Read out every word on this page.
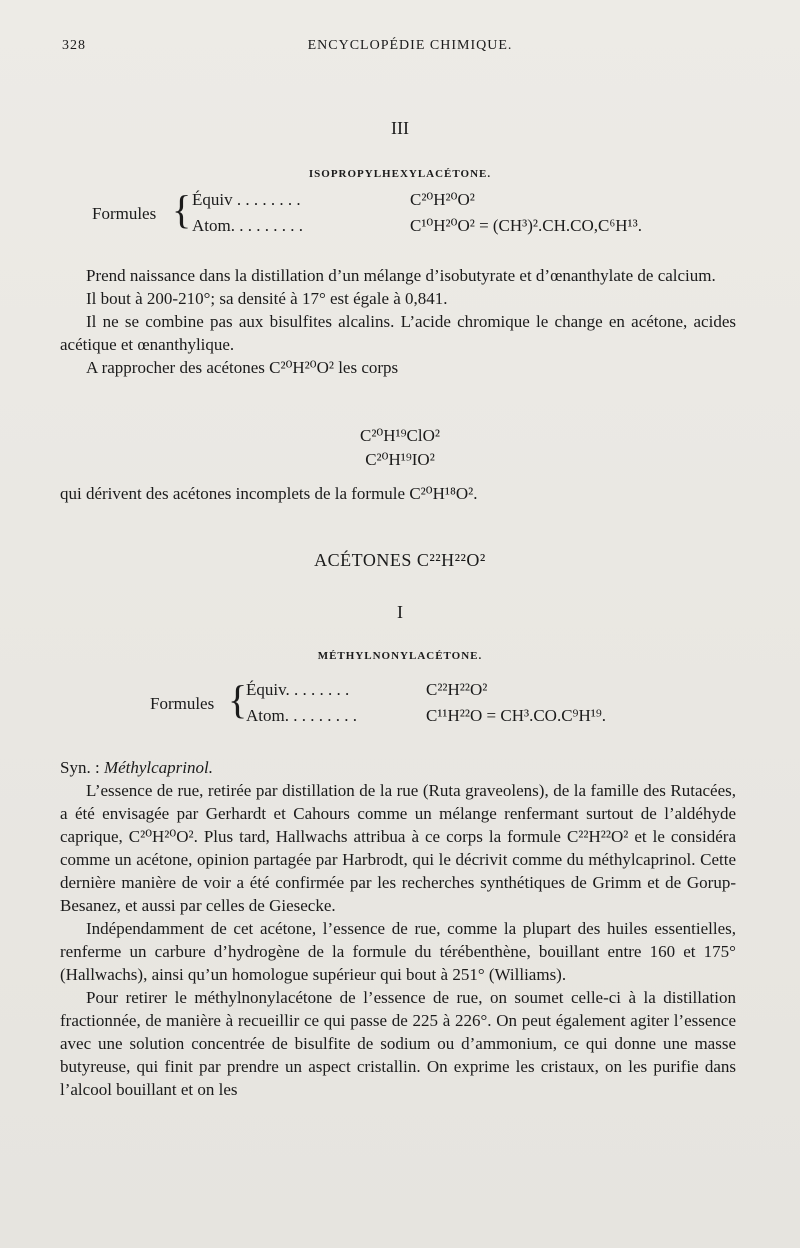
328	ENCYCLOPÉDIE CHIMIQUE.
III
ISOPROPYLHEXYLACÉTONE.
Formules { Équiv . . . . . . . .	C²⁰H²⁰O²
Atom. . . . . . . . .	C¹⁰H²⁰O² = (CH³)².CH.CO,C⁶H¹³.

Prend naissance dans la distillation d’un mélange d’isobutyrate et d’œnanthylate de calcium.

Il bout à 200-210°; sa densité à 17° est égale à 0,841.

Il ne se combine pas aux bisulfites alcalins. L’acide chromique le change en acétone, acides acétique et œnanthylique.

A rapprocher des acétones C²⁰H²⁰O² les corps

C²⁰H¹⁹ClO²
C²⁰H¹⁹IO²

qui dérivent des acétones incomplets de la formule C²⁰H¹⁸O².

ACÉTONES C²²H²²O²
I
MÉTHYLNONYLACÉTONE.
Formules {
Équiv. . . . . . . .	C²²H²²O²
Atom. . . . . . . . .	C¹¹H²²O = CH³.CO.C⁹H¹⁹.

Syn. : Méthylcaprinol.

L’essence de rue, retirée par distillation de la rue (Ruta graveolens), de la famille des Rutacées, a été envisagée par Gerhardt et Cahours comme un mélange renfermant surtout de l’aldéhyde caprique, C²⁰H²⁰O². Plus tard, Hallwachs attribua à ce corps la formule C²²H²²O² et le considéra comme un acétone, opinion partagée par Harbrodt, qui le décrivit comme du méthylcaprinol. Cette dernière manière de voir a été confirmée par les recherches synthétiques de Grimm et de Gorup-Besanez, et aussi par celles de Giesecke.

Indépendamment de cet acétone, l’essence de rue, comme la plupart des huiles essentielles, renferme un carbure d’hydrogène de la formule du térébenthène, bouillant entre 160 et 175° (Hallwachs), ainsi qu’un homologue supérieur qui bout à 251° (Williams).

Pour retirer le méthylnonylacétone de l’essence de rue, on soumet celle-ci à la distillation fractionnée, de manière à recueillir ce qui passe de 225 à 226°. On peut également agiter l’essence avec une solution concentrée de bisulfite de sodium ou d’ammonium, ce qui donne une masse butyreuse, qui finit par prendre un aspect cristallin. On exprime les cristaux, on les purifie dans l’alcool bouillant et on les
